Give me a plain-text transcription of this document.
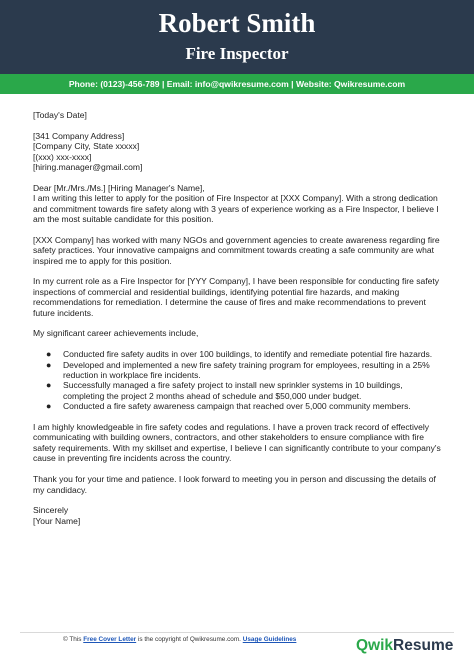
Robert Smith
Fire Inspector
Phone: (0123)-456-789 | Email: info@qwikresume.com | Website: Qwikresume.com

[Today's Date]

[341 Company Address]
[Company City, State xxxxx]
[(xxx) xxx-xxxx]
[hiring.manager@gmail.com]

Dear [Mr./Mrs./Ms.] [Hiring Manager's Name],

I am writing this letter to apply for the position of Fire Inspector at [XXX Company]. With a strong dedication and commitment towards fire safety along with 3 years of experience working as a Fire Inspector, I believe I am the most suitable candidate for this position.

[XXX Company] has worked with many NGOs and government agencies to create awareness regarding fire safety practices. Your innovative campaigns and commitment towards creating a safe community are what inspired me to apply for this position.

In my current role as a Fire Inspector for [YYY Company], I have been responsible for conducting fire safety inspections of commercial and residential buildings, identifying potential fire hazards, and making recommendations for remediation. I determine the cause of fires and make recommendations to prevent future incidents.

My significant career achievements include,

● Conducted fire safety audits in over 100 buildings, to identify and remediate potential fire hazards.
● Developed and implemented a new fire safety training program for employees, resulting in a 25% reduction in workplace fire incidents.
● Successfully managed a fire safety project to install new sprinkler systems in 10 buildings, completing the project 2 months ahead of schedule and $50,000 under budget.
● Conducted a fire safety awareness campaign that reached over 5,000 community members.

I am highly knowledgeable in fire safety codes and regulations. I have a proven track record of effectively communicating with building owners, contractors, and other stakeholders to ensure compliance with fire safety requirements. With my skillset and expertise, I believe I can significantly contribute to your company's cause in preventing fire incidents across the country.

Thank you for your time and patience. I look forward to meeting you in person and discussing the details of my candidacy.

Sincerely
[Your Name]
© This Free Cover Letter is the copyright of Qwikresume.com. Usage Guidelines	QwikResume
